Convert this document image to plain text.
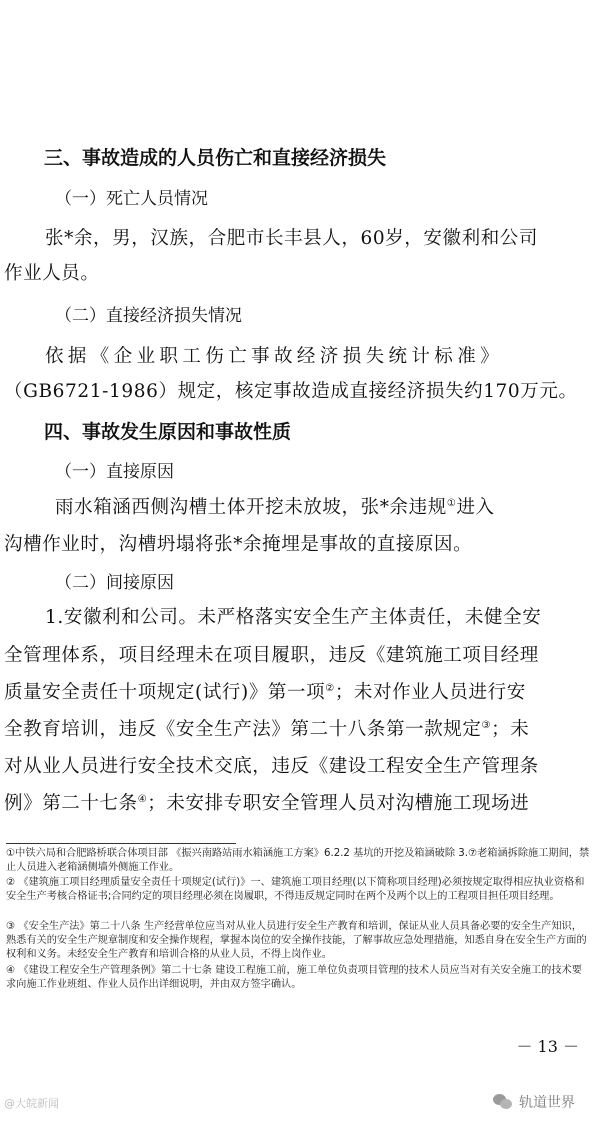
三、事故造成的人员伤亡和直接经济损失
（一）死亡人员情况
张*余，男，汉族，合肥市长丰县人，60岁，安徽利和公司
作业人员。
（二）直接经济损失情况
依据《企业职工伤亡事故经济损失统计标准》
（GB6721-1986）规定，核定事故造成直接经济损失约170万元。
四、事故发生原因和事故性质
（一）直接原因
雨水箱涵西侧沟槽土体开挖未放坡，张*余违规①进入
沟槽作业时，沟槽坍塌将张*余掩埋是事故的直接原因。
（二）间接原因
1.安徽利和公司。未严格落实安全生产主体责任，未健全安
全管理体系，项目经理未在项目履职，违反《建筑施工项目经理
质量安全责任十项规定(试行)》第一项②；未对作业人员进行安
全教育培训，违反《安全生产法》第二十八条第一款规定③；未
对从业人员进行安全技术交底，违反《建设工程安全生产管理条
例》第二十七条④；未安排专职安全管理人员对沟槽施工现场进
①中铁六局和合肥路桥联合体项目部 《振兴南路站雨水箱涵施工方案》6.2.2 基坑的开挖及箱涵破除 3.⑦老箱涵拆除施工期间，禁止人员进入老箱涵侧墙外侧施工作业。
② 《建筑施工项目经理质量安全责任十项规定(试行)》一、建筑施工项目经理(以下简称项目经理)必须按规定取得相应执业资格和安全生产考核合格证书;合同约定的项目经理必须在岗履职，不得违反规定同时在两个及两个以上的工程项目担任项目经理。
③ 《安全生产法》第二十八条 生产经营单位应当对从业人员进行安全生产教育和培训，保证从业人员具备必要的安全生产知识，熟悉有关的安全生产规章制度和安全操作规程，掌握本岗位的安全操作技能，了解事故应急处理措施，知悉自身在安全生产方面的权利和义务。未经安全生产教育和培训合格的从业人员，不得上岗作业。
④ 《建设工程安全生产管理条例》第二十七条 建设工程施工前，施工单位负责项目管理的技术人员应当对有关安全施工的技术要求向施工作业班组、作业人员作出详细说明，并由双方签字确认。
－ 13 －
@大皖新闻	轨道世界
